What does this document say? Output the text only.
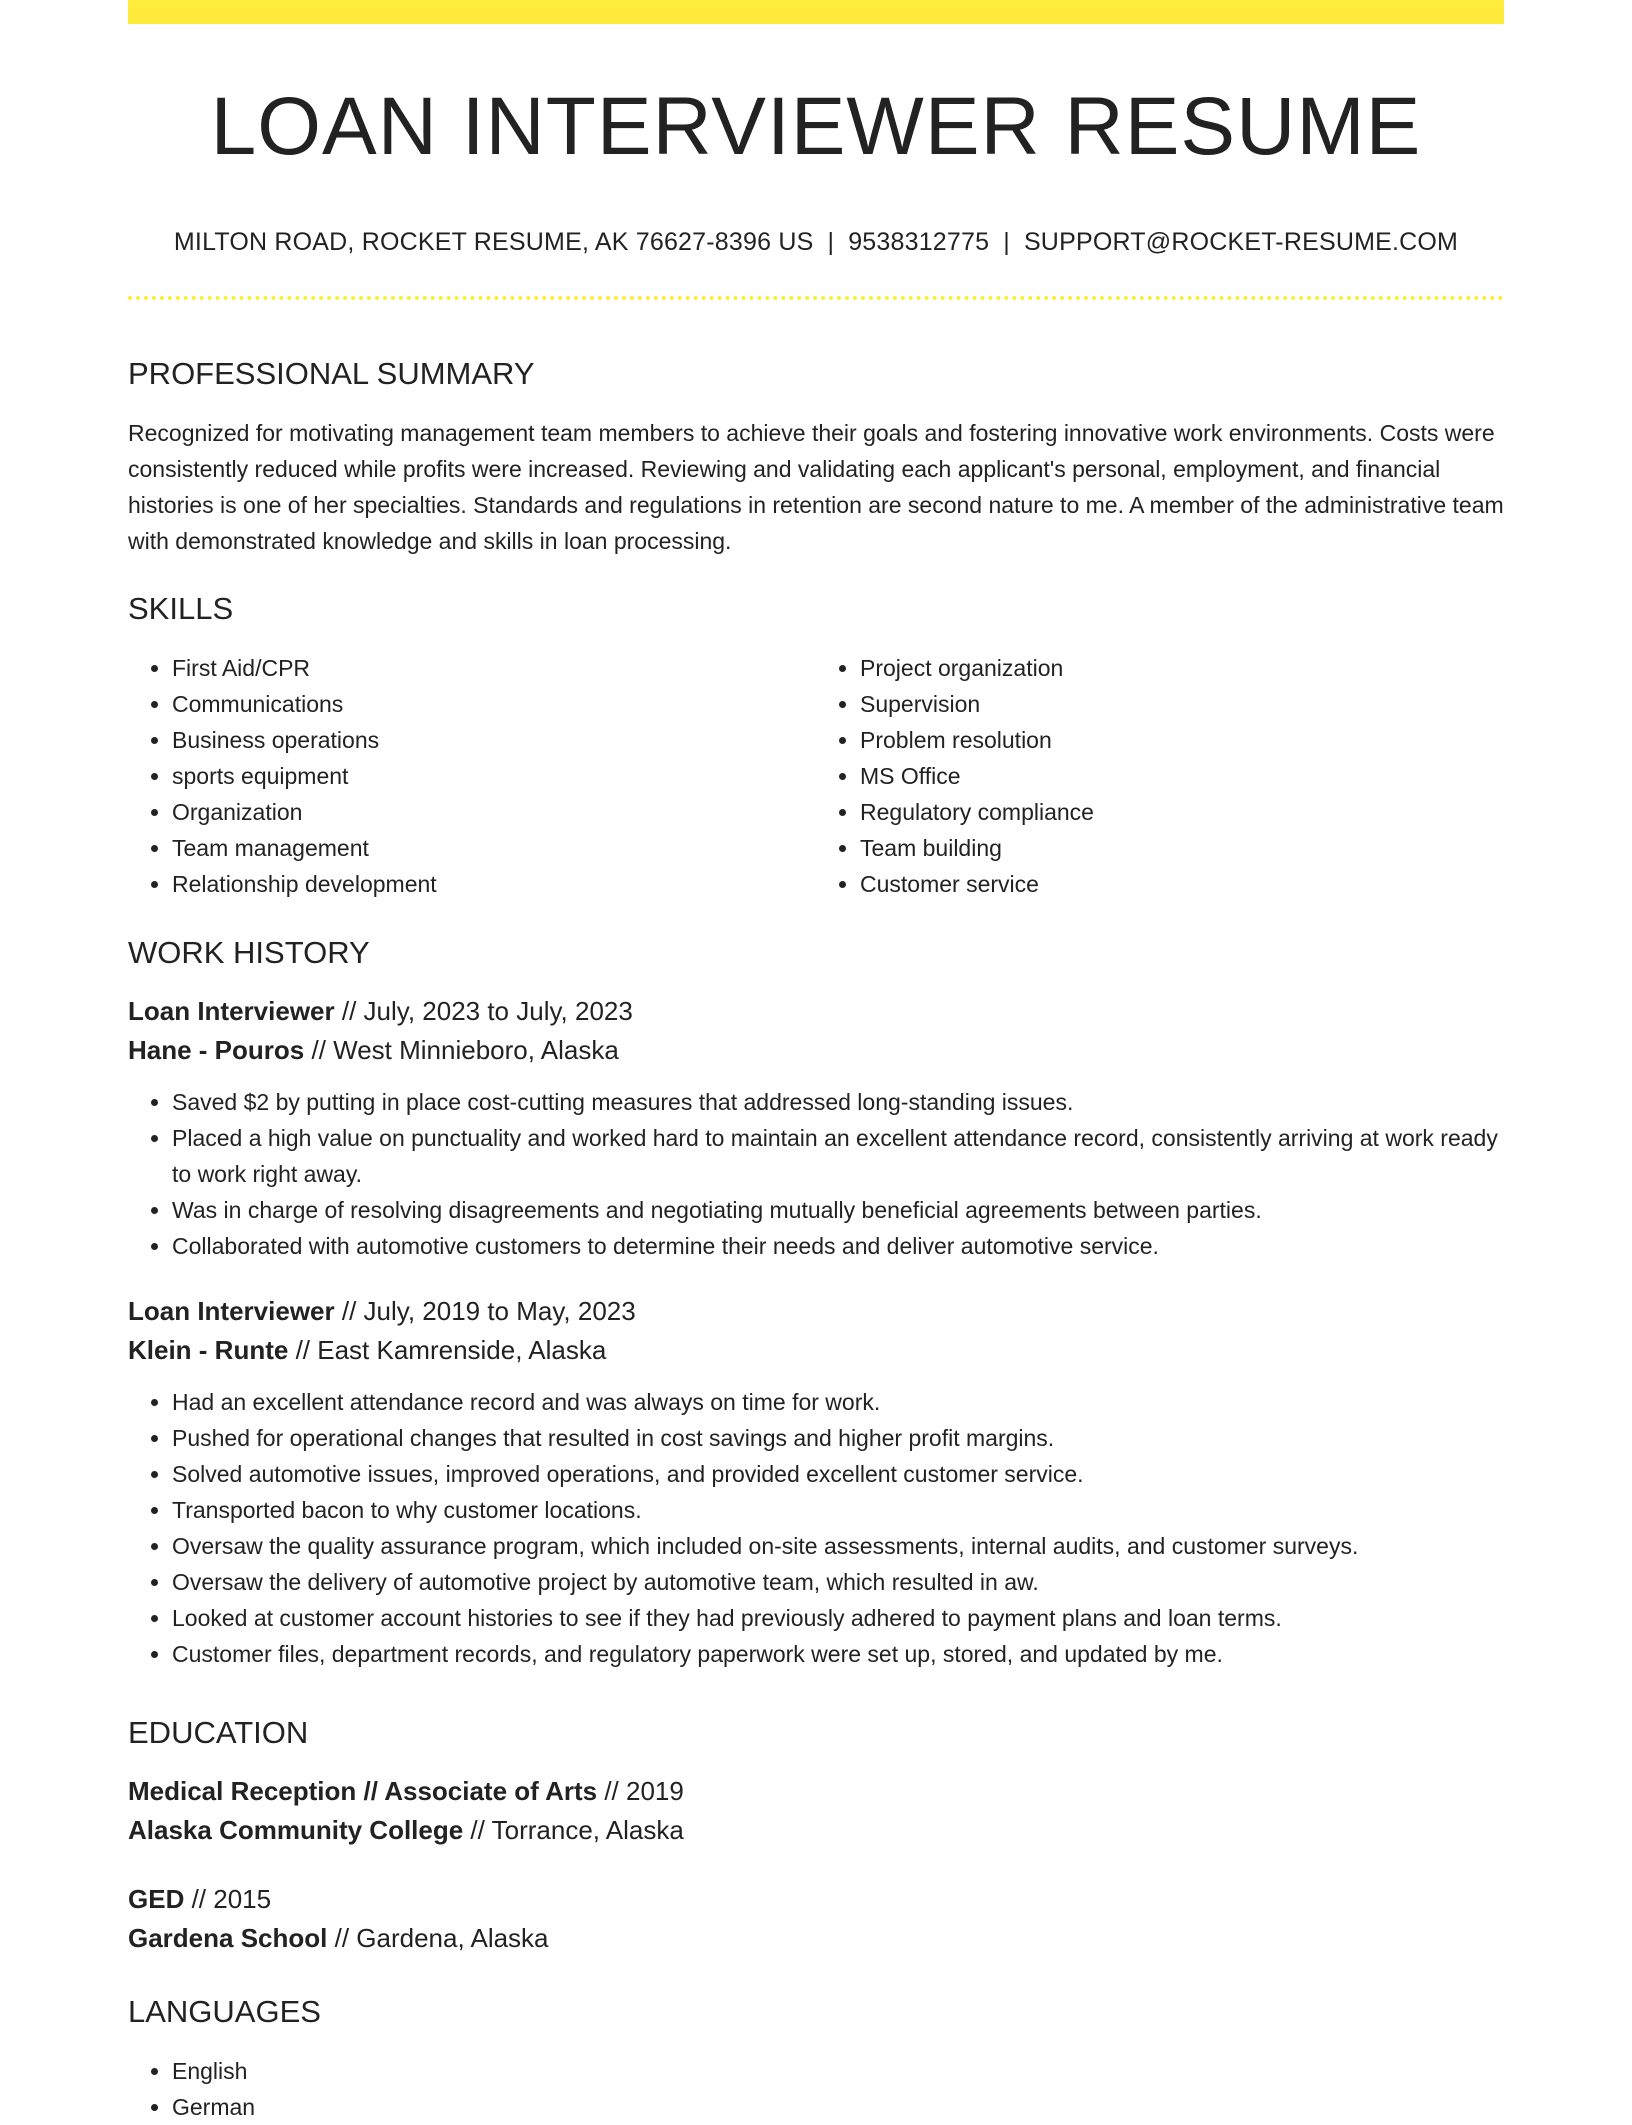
LOAN INTERVIEWER RESUME
MILTON ROAD, ROCKET RESUME, AK 76627-8396 US | 9538312775 | SUPPORT@ROCKET-RESUME.COM
PROFESSIONAL SUMMARY

Recognized for motivating management team members to achieve their goals and fostering innovative work environments. Costs were consistently reduced while profits were increased. Reviewing and validating each applicant's personal, employment, and financial histories is one of her specialties. Standards and regulations in retention are second nature to me. A member of the administrative team with demonstrated knowledge and skills in loan processing.

SKILLS
• First Aid/CPR
• Communications
• Business operations
• sports equipment
• Organization
• Team management
• Relationship development
• Project organization
• Supervision
• Problem resolution
• MS Office
• Regulatory compliance
• Team building
• Customer service
WORK HISTORY
Loan Interviewer // July, 2023 to July, 2023
Hane - Pouros // West Minnieboro, Alaska
• Saved $2 by putting in place cost-cutting measures that addressed long-standing issues.
• Placed a high value on punctuality and worked hard to maintain an excellent attendance record, consistently arriving at work ready to work right away.
• Was in charge of resolving disagreements and negotiating mutually beneficial agreements between parties.
• Collaborated with automotive customers to determine their needs and deliver automotive service.
Loan Interviewer // July, 2019 to May, 2023
Klein - Runte // East Kamrenside, Alaska
• Had an excellent attendance record and was always on time for work.
• Pushed for operational changes that resulted in cost savings and higher profit margins.
• Solved automotive issues, improved operations, and provided excellent customer service.
• Transported bacon to why customer locations.
• Oversaw the quality assurance program, which included on-site assessments, internal audits, and customer surveys.
• Oversaw the delivery of automotive project by automotive team, which resulted in aw.
• Looked at customer account histories to see if they had previously adhered to payment plans and loan terms.
• Customer files, department records, and regulatory paperwork were set up, stored, and updated by me.
EDUCATION
Medical Reception // Associate of Arts // 2019
Alaska Community College // Torrance, Alaska
GED // 2015
Gardena School // Gardena, Alaska
LANGUAGES
• English
• German
